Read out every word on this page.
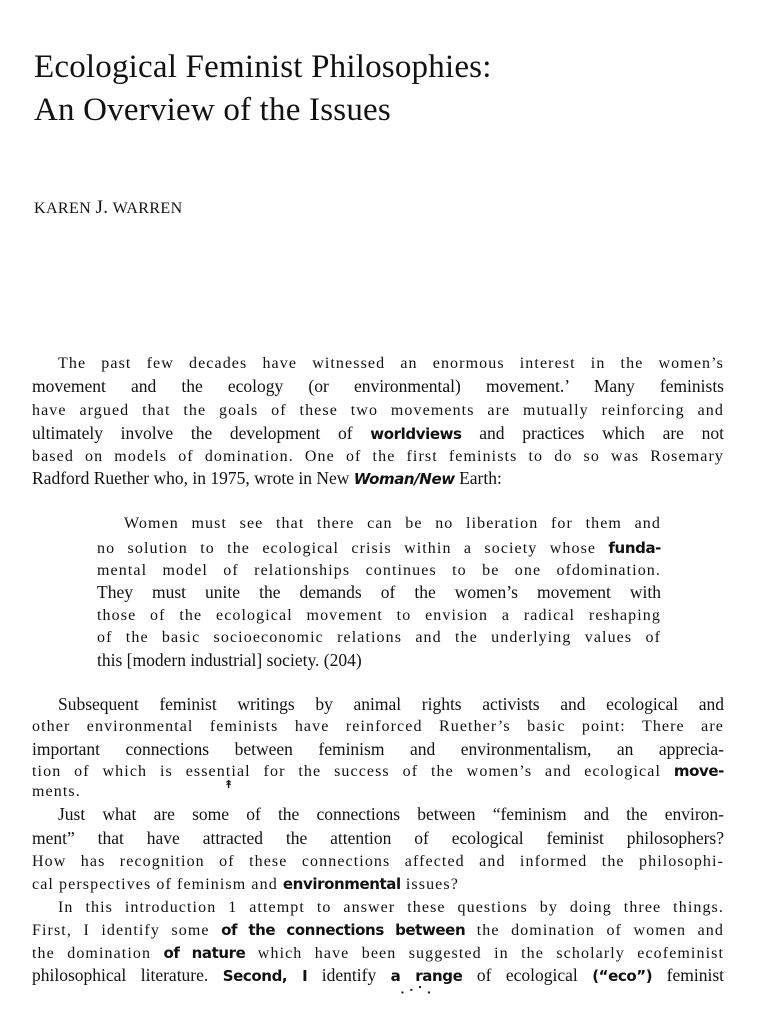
Ecological Feminist Philosophies:
An Overview of the Issues
KAREN J. WARREN
The past few decades have witnessed an enormous interest in the women’s
movement and the ecology (or environmental) movement.’ Many feminists
have argued that the goals of these two movements are mutually reinforcing and
ultimately involve the development of worldviews and practices which are not
based on models of domination. One of the first feminists to do so was Rosemary
Radford Ruether who, in 1975, wrote in New Woman/New Earth:
Women must see that there can be no liberation for them and
no solution to the ecological crisis within a society whose funda-
mental model of relationships continues to be one ofdomination.
They must unite the demands of the women’s movement with
those of the ecological movement to envision a radical reshaping
of the basic socioeconomic relations and the underlying values of
this [modern industrial] society. (204)
Subsequent feminist writings by animal rights activists and ecological and
other environmental feminists have reinforced Ruether’s basic point: There are
important connections between feminism and environmentalism, an apprecia-
tion of which is essential for the success of the women’s and ecological move-
ments.	↟
Just what are some of the connections between “feminism and the environ-
ment” that have attracted the attention of ecological feminist philosophers?
How has recognition of these connections affected and informed the philosophi-
cal perspectives of feminism and environmental issues?
In this introduction 1 attempt to answer these questions by doing three things.
First, I identify some of the connections between the domination of women and
the domination of nature which have been suggested in the scholarly ecofeminist
philosophical literature. Second, I identify a range of ecological (“eco”) feminist
⠄⠂⠁⠄
